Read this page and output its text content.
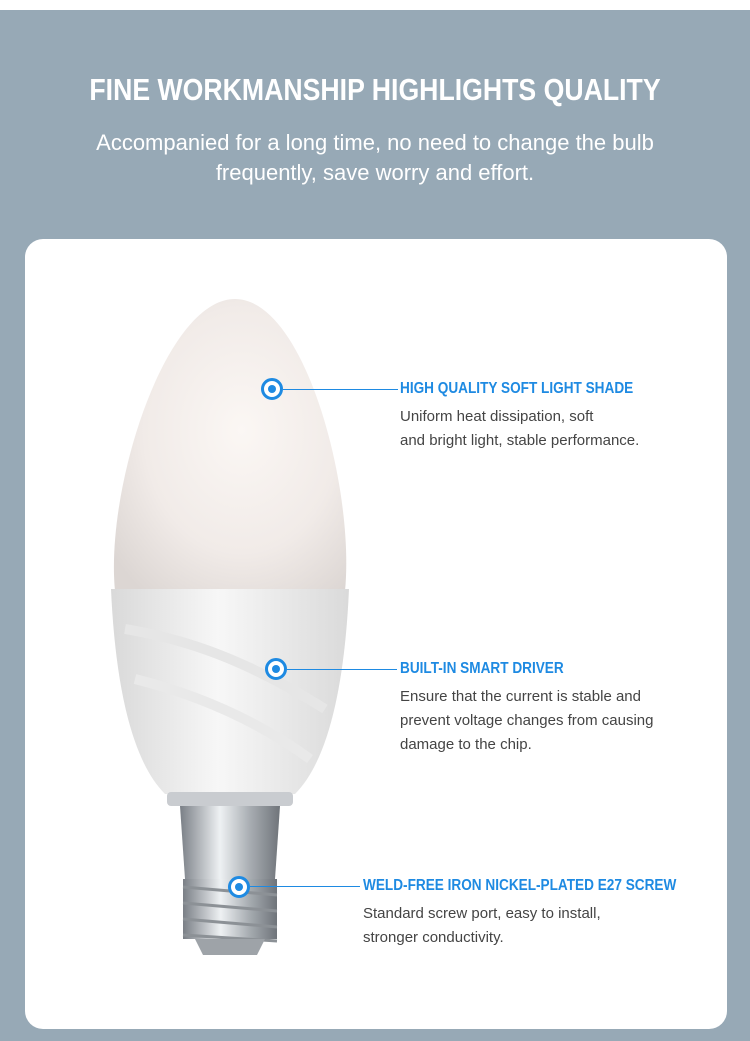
FINE WORKMANSHIP HIGHLIGHTS QUALITY
Accompanied for a long time, no need to change the bulb frequently, save worry and effort.
HIGH QUALITY SOFT LIGHT SHADE
Uniform heat dissipation, soft
and bright light, stable performance.
BUILT-IN SMART DRIVER
Ensure that the current is stable and
prevent voltage changes from causing
damage to the chip.
WELD-FREE IRON NICKEL-PLATED E27 SCREW
Standard screw port, easy to install,
stronger conductivity.
